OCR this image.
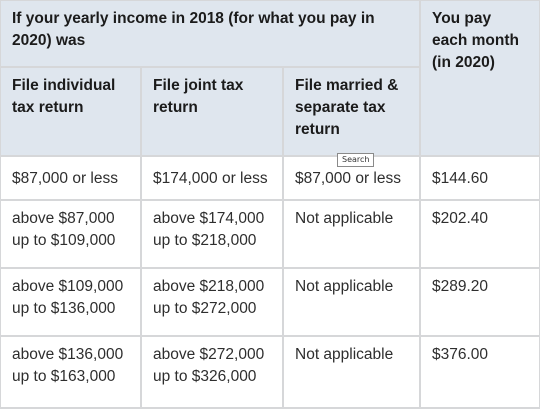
If your yearly income in 2018 (for what you pay in
2020) was			You pay
each month
(in 2020)

File individual
tax return	File joint tax
return	File married &
separate tax
return	

$87,000 or less	$174,000 or less	$87,000 or less	$144.60

above $87,000
up to $109,000	above $174,000
up to $218,000	Not applicable	$202.40

above $109,000
up to $136,000	above $218,000
up to $272,000	Not applicable	$289.20

above $136,000
up to $163,000	above $272,000
up to $326,000	Not applicable	$376.00
Search
